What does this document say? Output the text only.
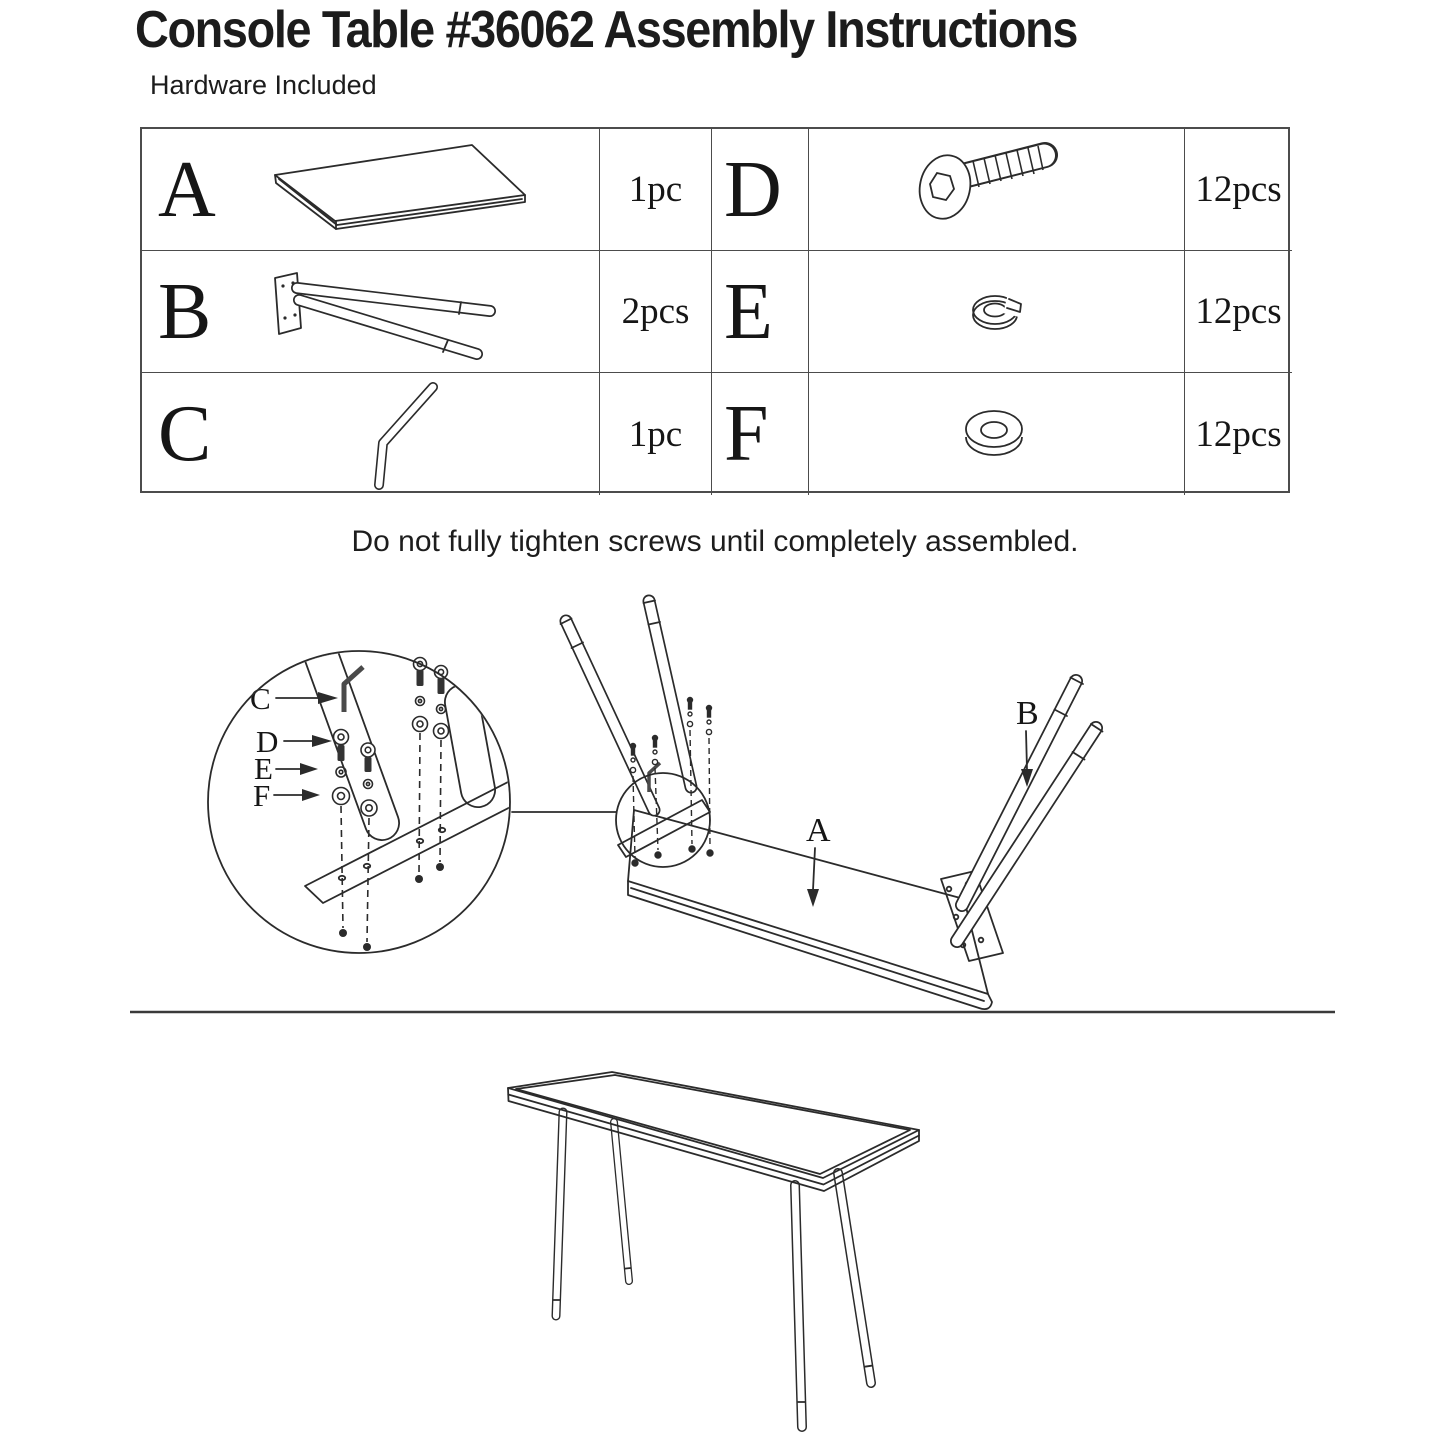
Console Table #36062 Assembly Instructions
Hardware Included
A	1pc D	12pcs
B	2pcs E	12pcs
C	1pc F	12pcs
Do not fully tighten screws until completely assembled.
A
B
C
D
E
F
